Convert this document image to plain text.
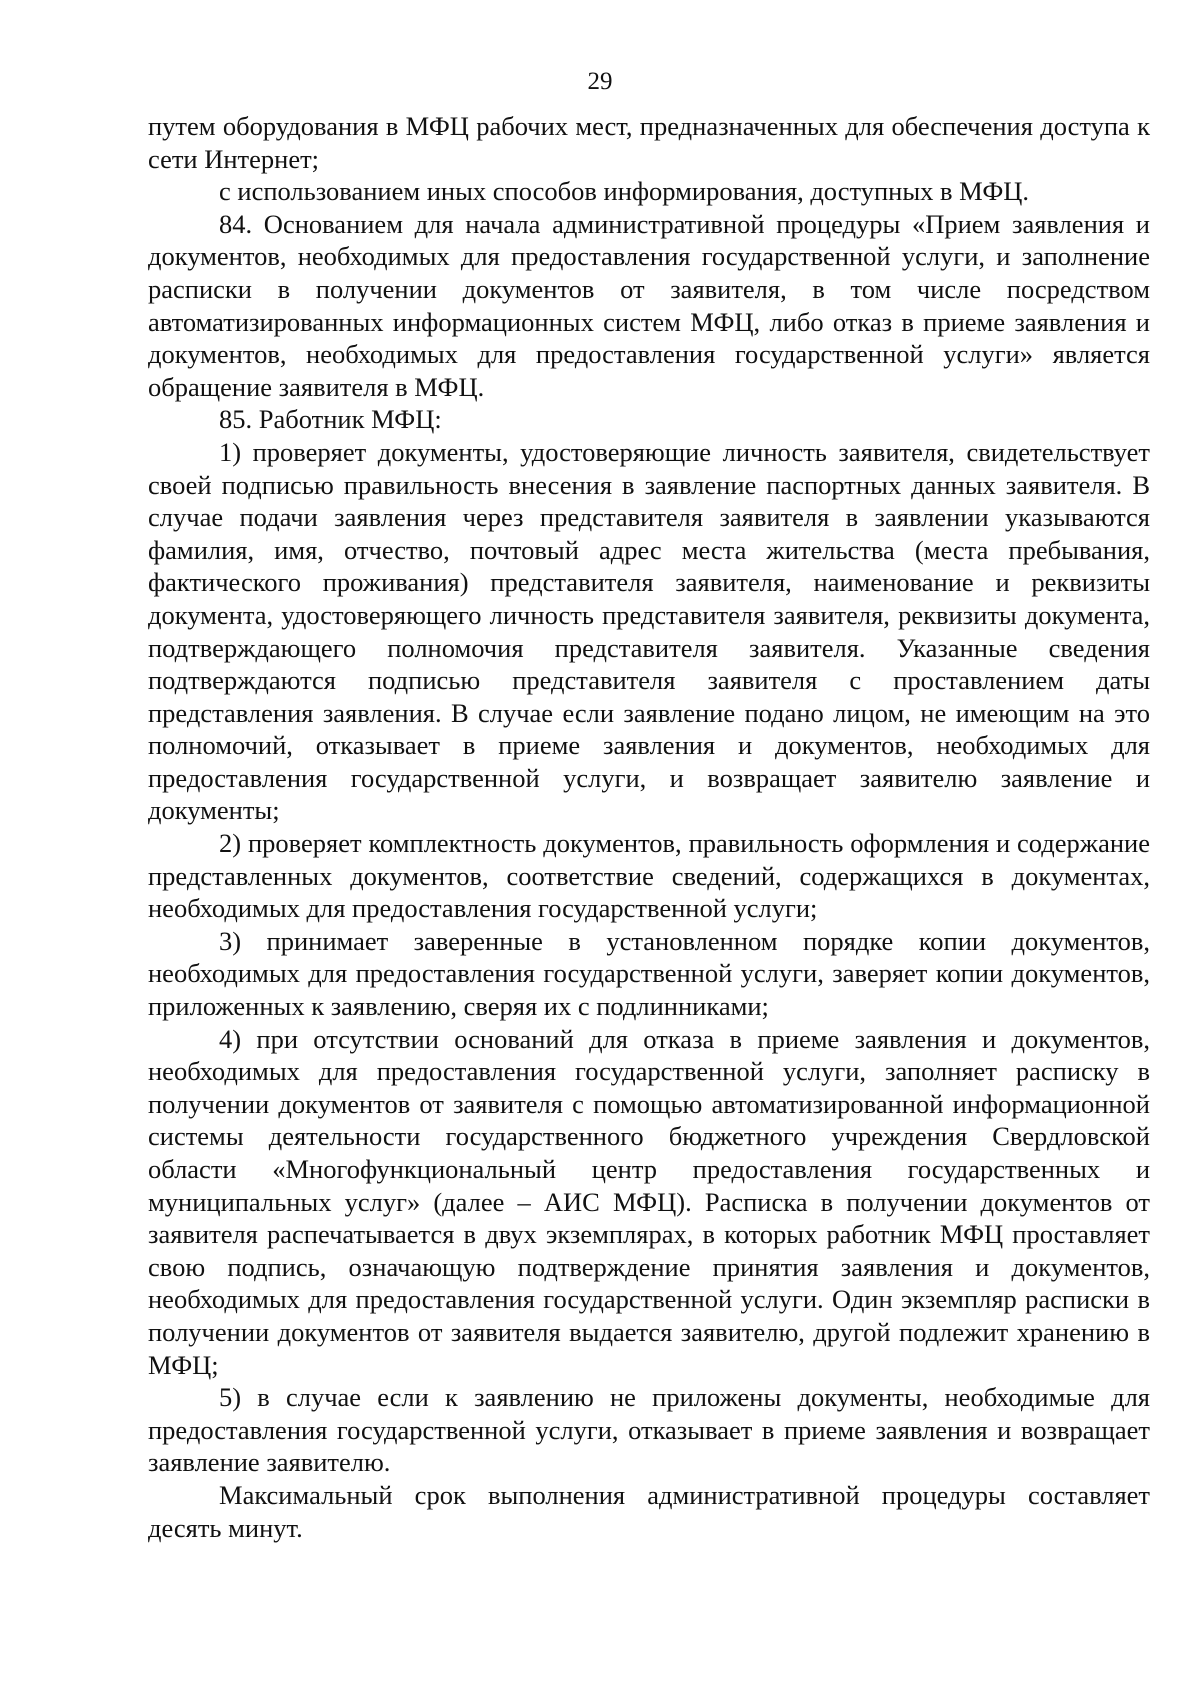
29

путем оборудования в МФЦ рабочих мест, предназначенных для обеспечения доступа к сети Интернет;

с использованием иных способов информирования, доступных в МФЦ.

84. Основанием для начала административной процедуры «Прием заявления и документов, необходимых для предоставления государственной услуги, и заполнение расписки в получении документов от заявителя, в том числе посредством автоматизированных информационных систем МФЦ, либо отказ в приеме заявления и документов, необходимых для предоставления государственной услуги» является обращение заявителя в МФЦ.

85. Работник МФЦ:

1) проверяет документы, удостоверяющие личность заявителя, свидетельствует своей подписью правильность внесения в заявление паспортных данных заявителя. В случае подачи заявления через представителя заявителя в заявлении указываются фамилия, имя, отчество, почтовый адрес места жительства (места пребывания, фактического проживания) представителя заявителя, наименование и реквизиты документа, удостоверяющего личность представителя заявителя, реквизиты документа, подтверждающего полномочия представителя заявителя. Указанные сведения подтверждаются подписью представителя заявителя с проставлением даты представления заявления. В случае если заявление подано лицом, не имеющим на это полномочий, отказывает в приеме заявления и документов, необходимых для предоставления государственной услуги, и возвращает заявителю заявление и документы;

2) проверяет комплектность документов, правильность оформления и содержание представленных документов, соответствие сведений, содержащихся в документах, необходимых для предоставления государственной услуги;

3) принимает заверенные в установленном порядке копии документов, необходимых для предоставления государственной услуги, заверяет копии документов, приложенных к заявлению, сверяя их с подлинниками;

4) при отсутствии оснований для отказа в приеме заявления и документов, необходимых для предоставления государственной услуги, заполняет расписку в получении документов от заявителя с помощью автоматизированной информационной системы деятельности государственного бюджетного учреждения Свердловской области «Многофункциональный центр предоставления государственных и муниципальных услуг» (далее – АИС МФЦ). Расписка в получении документов от заявителя распечатывается в двух экземплярах, в которых работник МФЦ проставляет свою подпись, означающую подтверждение принятия заявления и документов, необходимых для предоставления государственной услуги. Один экземпляр расписки в получении документов от заявителя выдается заявителю, другой подлежит хранению в МФЦ;

5) в случае если к заявлению не приложены документы, необходимые для предоставления государственной услуги, отказывает в приеме заявления и возвращает заявление заявителю.

Максимальный срок выполнения административной процедуры составляет десять минут.
